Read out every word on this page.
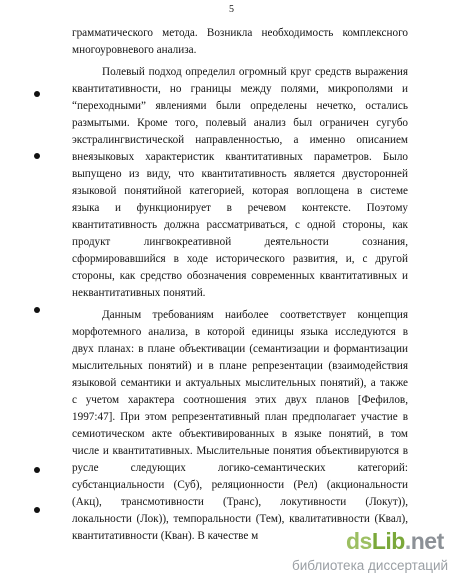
5
грамматического метода. Возникла необходимость комплексного
многоуровневого анализа.
Полевый подход определил огромный круг средств выражения
квантитативности, но границы между полями, микрополями и
“переходными” явлениями были определены нечетко, остались
размытыми. Кроме того, полевый анализ был ограничен сугубо
экстралингвистической направленностью, а именно описанием
внеязыковых характеристик квантитативных параметров. Было
выпущено из виду, что квантитативность является двусторонней
языковой понятийной категорией, которая воплощена в системе
языка и функционирует в речевом контексте. Поэтому
квантитативность должна рассматриваться, с одной стороны, как
продукт лингвокреативной деятельности сознания,
сформировавшийся в ходе исторического развития, и, с другой
стороны, как средство обозначения современных квантитативных и
неквантитативных понятий.
Данным требованиям наиболее соответствует концепция
морфотемного анализа, в которой единицы языка исследуются в
двух планах: в плане объективации (семантизации и формантизации
мыслительных понятий) и в плане репрезентации (взаимодействия
языковой семантики и актуальных мыслительных понятий), а также
с учетом характера соотношения этих двух планов [Фефилов,
1997:47]. При этом репрезентативный план предполагает участие в
семиотическом акте объективированных в языке понятий, в том
числе и квантитативных. Мыслительные понятия объективируются в
русле следующих логико-семантических категорий:
субстанциальности (Суб), реляционности (Рел) (акциональности
(Акц), трансмотивности (Транс), локутивности (Локут)),
локальности (Лок)), темпоральности (Тем), квалитативности (Квал),
квантитативности (Кван). В качестве м	dsLib.net
библиотека диссертаций
